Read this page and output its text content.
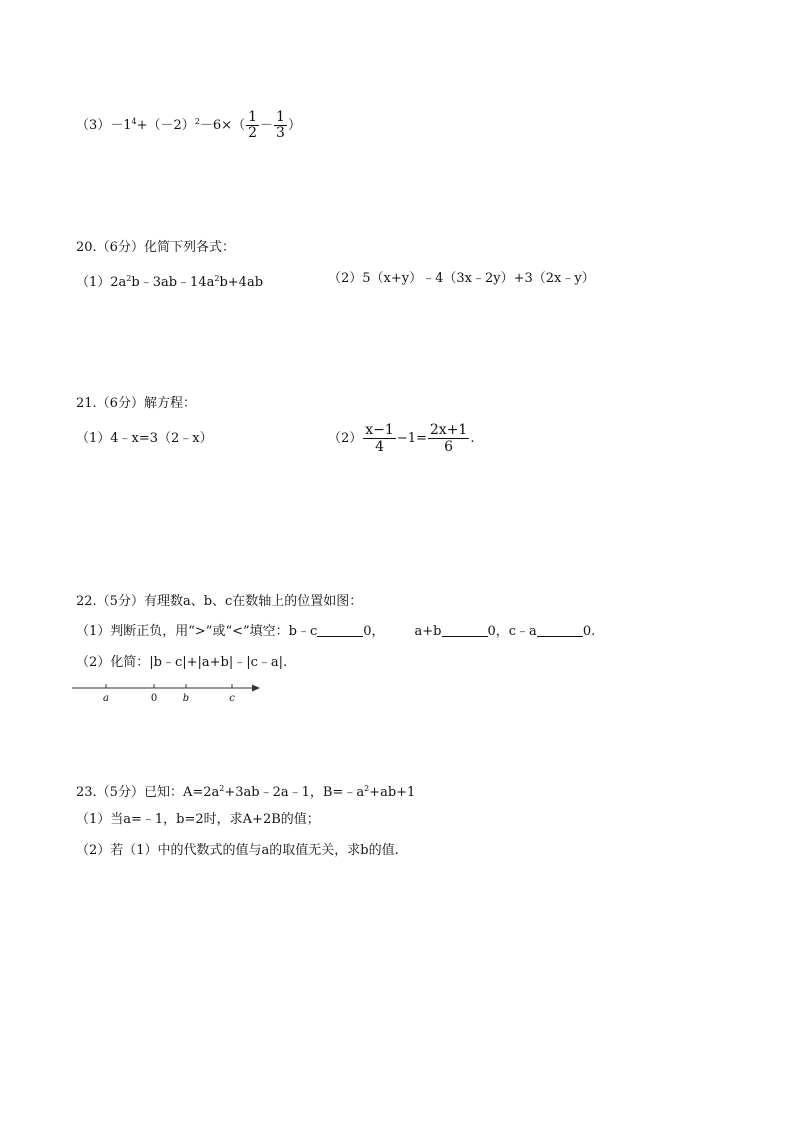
$(3)-1^4+(-2)^2-6\times( \frac{1}{2} - \frac{1}{3}$ ）
20.（6分）化简下列各式：
$(1)2a^2b﹣3ab﹣14a^2b+4ab$	（2）5（x+y）﹣4（3x﹣2y）+3（2x﹣y）
21.（6分）解方程：
（1）4﹣x=3（2﹣x）	$(2) \frac{x-1}{4} -1= \frac{2x+1}{6}$ .
22.（5分）有理数a、b、c在数轴上的位置如图：
（1）判断正负，用“>”或“<”填空：b﹣c	0， a+b	0，c﹣a	0.
（2）化简：|b﹣c|+|a+b|﹣|c﹣a|.
a	0	b	c
23.（5分）已知：$A=2a^2+3ab﹣2a﹣1$，$B=﹣a^2+ab+1$
（1）当a=﹣1，b=2时，求A+2B的值；
（2）若（1）中的代数式的值与a的取值无关，求b的值.
